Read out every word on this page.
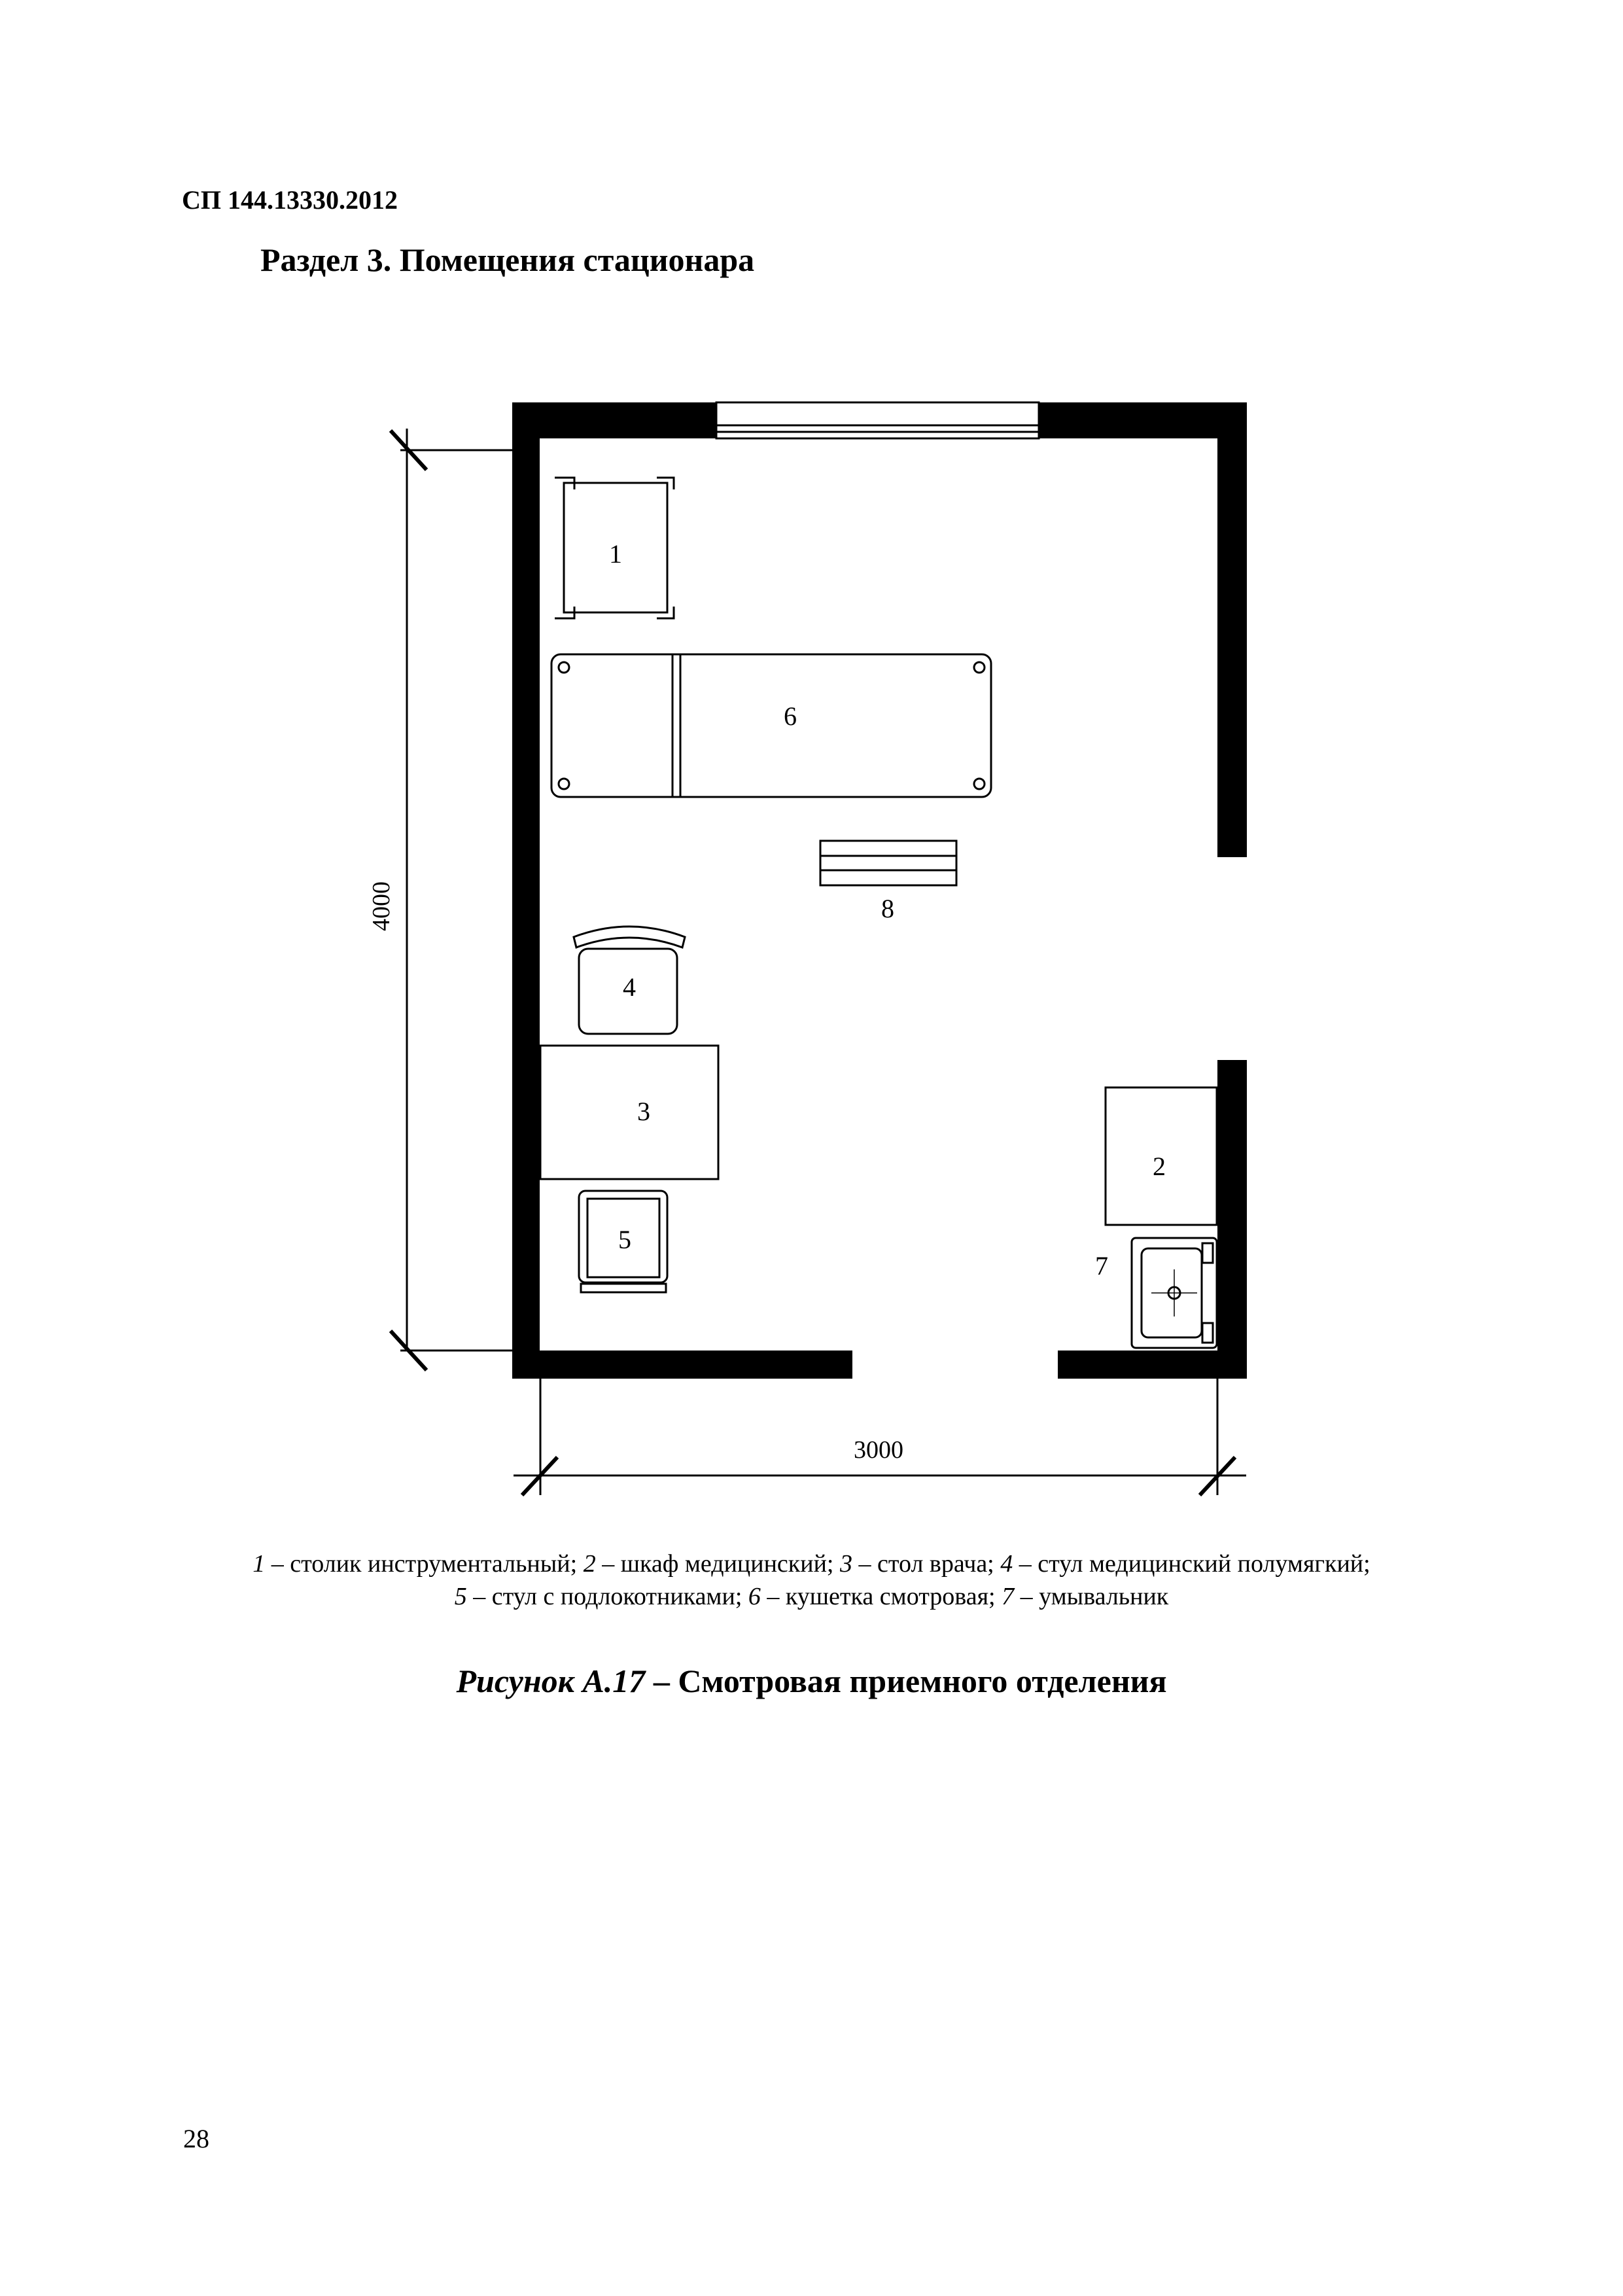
СП 144.13330.2012
Раздел 3. Помещения стационара
1
6
8
4
3
5
2
7
4000
3000
1 – столик инструментальный; 2 – шкаф медицинский; 3 – стол врача; 4 – стул медицинский полумягкий;
5 – стул с подлокотниками; 6 – кушетка смотровая; 7 – умывальник
Рисунок А.17 – Смотровая приемного отделения
28
